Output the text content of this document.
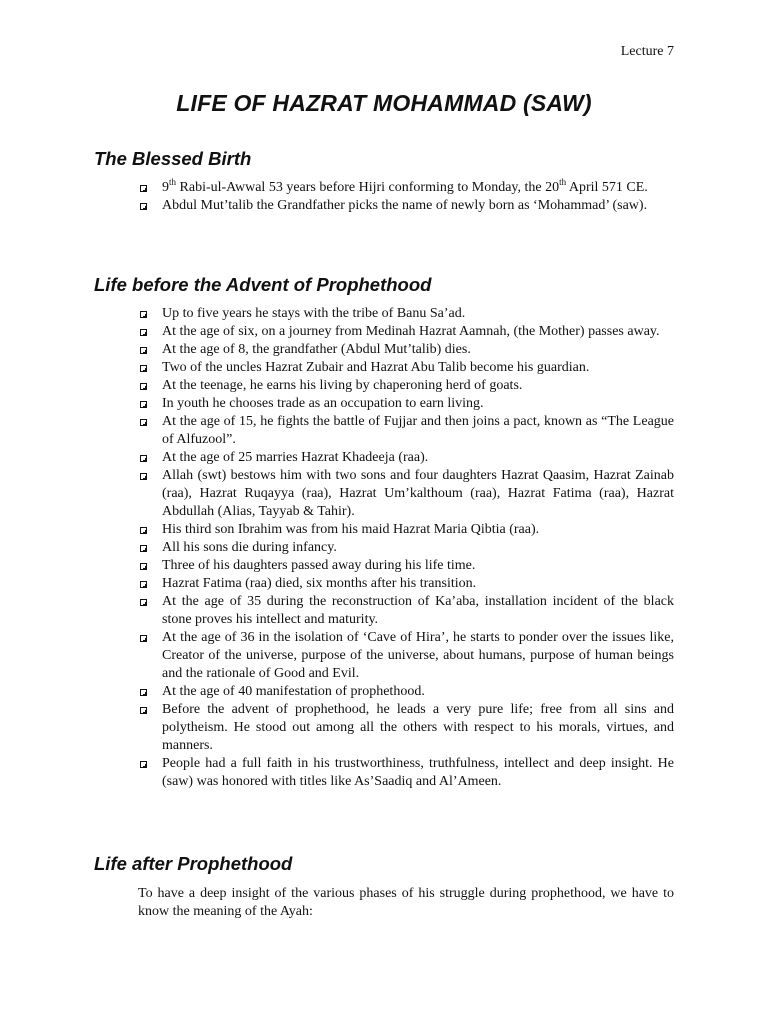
Lecture 7
LIFE OF HAZRAT MOHAMMAD (SAW)
The Blessed Birth
9th Rabi-ul-Awwal 53 years before Hijri conforming to Monday, the 20th April 571 CE.
Abdul Mut’talib the Grandfather picks the name of newly born as ‘Mohammad’ (saw).
Life before the Advent of Prophethood
Up to five years he stays with the tribe of Banu Sa’ad.
At the age of six, on a journey from Medinah Hazrat Aamnah, (the Mother) passes away.
At the age of 8, the grandfather (Abdul Mut’talib) dies.
Two of the uncles Hazrat Zubair and Hazrat Abu Talib become his guardian.
At the teenage, he earns his living by chaperoning herd of goats.
In youth he chooses trade as an occupation to earn living.
At the age of 15, he fights the battle of Fujjar and then joins a pact, known as “The League of Alfuzool”.
At the age of 25 marries Hazrat Khadeeja (raa).
Allah (swt) bestows him with two sons and four daughters Hazrat Qaasim, Hazrat Zainab (raa), Hazrat Ruqayya (raa), Hazrat Um’kalthoum (raa), Hazrat Fatima (raa), Hazrat Abdullah (Alias, Tayyab & Tahir).
His third son Ibrahim was from his maid Hazrat Maria Qibtia (raa).
All his sons die during infancy.
Three of his daughters passed away during his life time.
Hazrat Fatima (raa) died, six months after his transition.
At the age of 35 during the reconstruction of Ka’aba, installation incident of the black stone proves his intellect and maturity.
At the age of 36 in the isolation of ‘Cave of Hira’, he starts to ponder over the issues like, Creator of the universe, purpose of the universe, about humans, purpose of human beings and the rationale of Good and Evil.
At the age of 40 manifestation of prophethood.
Before the advent of prophethood, he leads a very pure life; free from all sins and polytheism. He stood out among all the others with respect to his morals, virtues, and manners.
People had a full faith in his trustworthiness, truthfulness, intellect and deep insight. He (saw) was honored with titles like As’Saadiq and Al’Ameen.
Life after Prophethood
To have a deep insight of the various phases of his struggle during prophethood, we have to know the meaning of the Ayah:
